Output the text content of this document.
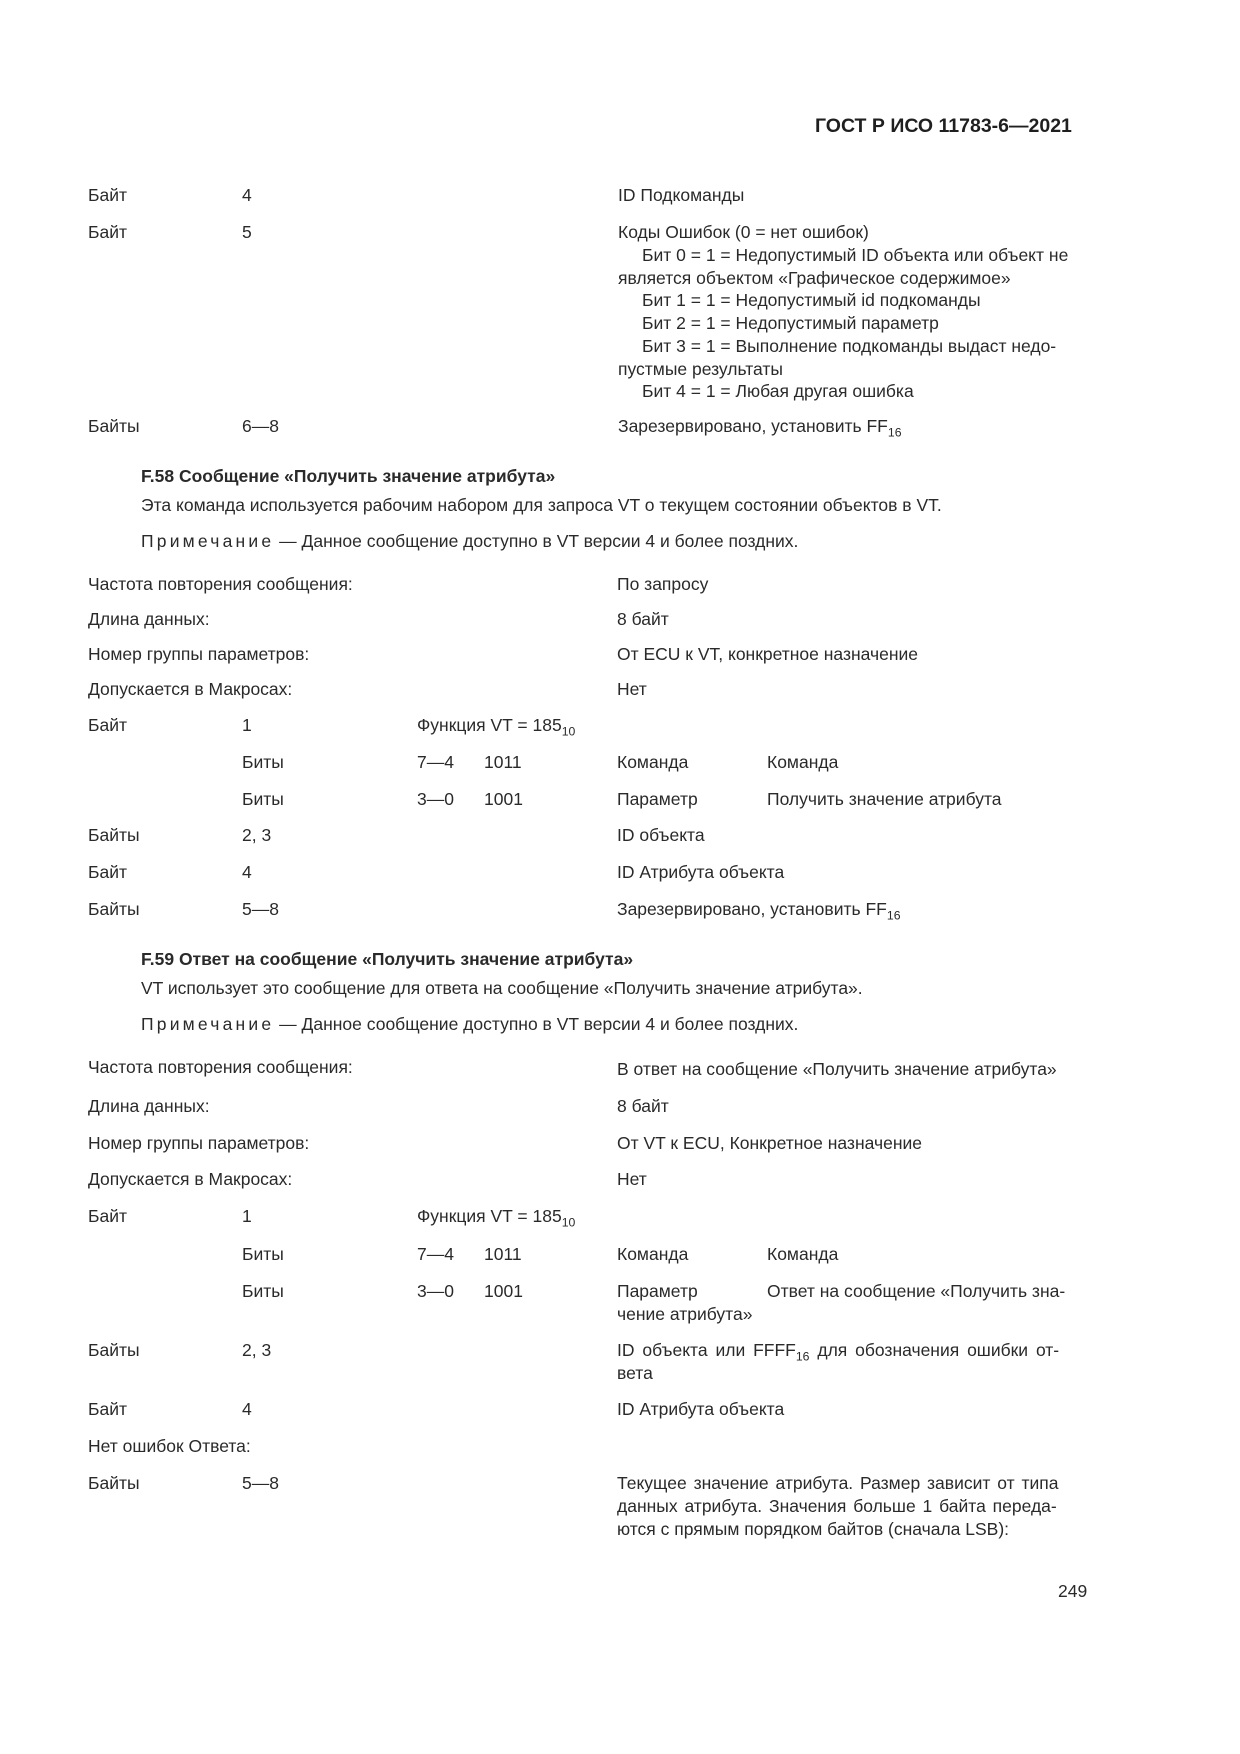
ГОСТ Р ИСО 11783-6—2021
Байт	4	ID Подкоманды
Байт	5	Коды Ошибок (0 = нет ошибок)
Бит 0 = 1 = Недопустимый ID объекта или объект не
является объектом «Графическое содержимое»
Бит 1 = 1 = Недопустимый id подкоманды
Бит 2 = 1 = Недопустимый параметр
Бит 3 = 1 = Выполнение подкоманды выдаст недо-
пустмые результаты
Бит 4 = 1 = Любая другая ошибка
Байты	6—8	Зарезервировано, установить $FF_{16}$
F.58 Сообщение «Получить значение атрибута»
Эта команда используется рабочим набором для запроса VT о текущем состоянии объектов в VT.
Примечание — Данное сообщение доступно в VT версии 4 и более поздних.
Частота повторения сообщения:	По запросу
Длина данных:	8 байт
Номер группы параметров:	От ECU к VT, конкретное назначение
Допускается в Макросах:	Нет
Байт	1	Функция VT = $185_{10}$
Биты	7—4 1011	Команда	Команда
Биты	3—0 1001	Параметр	Получить значение атрибута
Байты	2, 3	ID объекта
Байт	4	ID Атрибута объекта
Байты	5—8	Зарезервировано, установить $FF_{16}$
F.59 Ответ на сообщение «Получить значение атрибута»
VT использует это сообщение для ответа на сообщение «Получить значение атрибута».
Примечание — Данное сообщение доступно в VT версии 4 и более поздних.
Частота повторения сообщения:	В ответ на сообщение «Получить значение атрибута»
Длина данных:	8 байт
Номер группы параметров:	От VT к ECU, Конкретное назначение
Допускается в Макросах:	Нет
Байт	1	Функция VT = $185_{10}$
Биты	7—4 1011	Команда	Команда
Биты	3—0 1001	Параметр	Ответ на сообщение «Получить зна-
чение атрибута»
Байты	2, 3	ID объекта или $FFFF_{16}$ для обозначения ошибки от-
вета
Байт	4	ID Атрибута объекта
Нет ошибок Ответа:
Байты	5—8	Текущее значение атрибута. Размер зависит от типа
данных атрибута. Значения больше 1 байта переда-
ются с прямым порядком байтов (сначала LSB):
249
